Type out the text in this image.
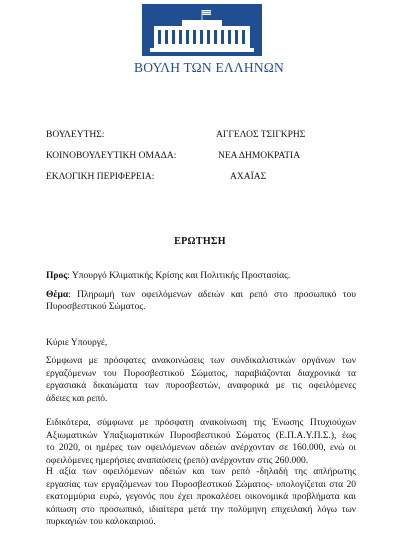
ΒΟΥΛΗ ΤΩΝ ΕΛΛΗΝΩΝ
ΒΟΥΛΕΥΤΗΣ:	ΑΓΓΕΛΟΣ ΤΣΙΓΚΡΗΣ
ΚΟΙΝΟΒΟΥΛΕΥΤΙΚΗ ΟΜΑΔΑ:	ΝΕΑ ΔΗΜΟΚΡΑΤΙΑ
ΕΚΛΟΓΙΚΗ ΠΕΡΙΦΕΡΕΙΑ:	ΑΧΑΪΑΣ
ΕΡΩΤΗΣΗ
Προς: Υπουργό Κλιματικής Κρίσης και Πολιτικής Προστασίας.
Θέμα: Πληρωμή των οφειλόμενων αδειών και ρεπό στο προσωπικό του
Πυροσβεστικού Σώματος.
Κύριε Υπουργέ,

Σύμφωνα με πρόσφατες ανακοινώσεις των συνδικαλιστικών οργάνων των

εργαζόμενων του Πυροσβεστικού Σώματος, παραβιάζονται διαχρονικά τα

εργασιακά δικαιώματα των πυροσβεστών, αναφορικά με τις οφειλόμενες

άδειες και ρεπό.

Ειδικότερα, σύμφωνα με πρόσφατη ανακοίνωση της Ένωσης Πτυχιούχων

Αξιωματικών Υπαξιωματικών Πυροσβεστικού Σώματος (Ε.Π.Α.Υ.Π.Σ.), έως

το 2020, οι ημέρες των οφειλόμενων αδειών ανέρχονταν σε 160.000, ενώ οι

οφειλόμενες ημερήσιες αναπαύσεις (ρεπό) ανέρχονταν στις 260.000.

Η αξία των οφειλόμενων αδειών και των ρεπό -δηλαδή της απλήρωτης

εργασίας των εργαζόμενων του Πυροσβεστικού Σώματος- υπολογίζεται στα 20

εκατομμύρια ευρώ, γεγονός που έχει προκαλέσει οικονομικά προβλήματα και

κόπωση στο προσωπικό, ιδιαίτερα μετά την πολύμηνη επιχειλακή λόγω των

πυρκαγιών του καλοκαιριού.
